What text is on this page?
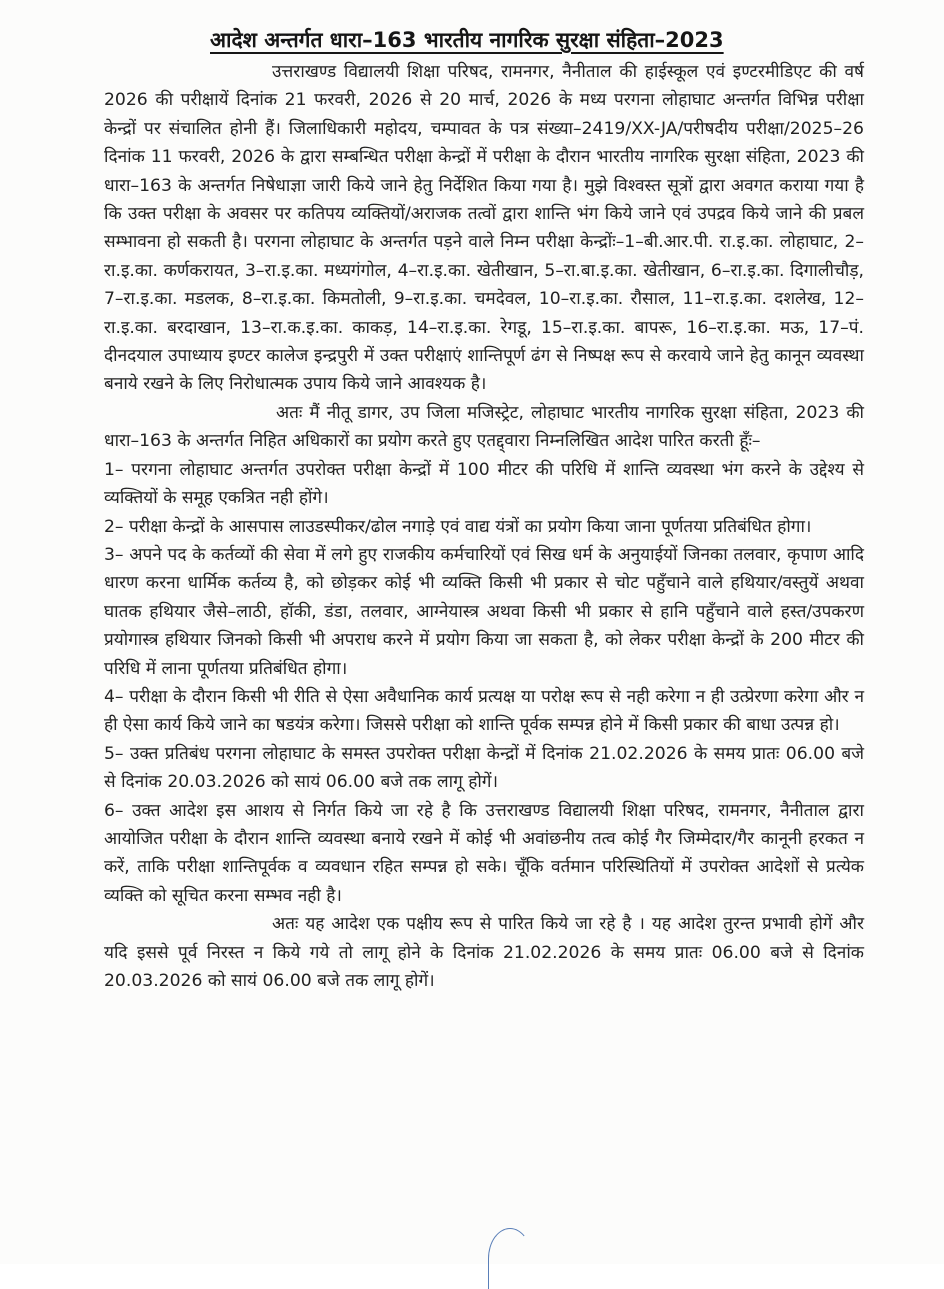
आदेश अन्तर्गत धारा–163 भारतीय नागरिक सुरक्षा संहिता–2023

उत्तराखण्ड विद्यालयी शिक्षा परिषद, रामनगर, नैनीताल की हाईस्कूल एवं इण्टरमीडिएट की वर्ष 2026 की परीक्षायें दिनांक 21 फरवरी, 2026 से 20 मार्च, 2026 के मध्य परगना लोहाघाट अन्तर्गत विभिन्न परीक्षा केन्द्रों पर संचालित होनी हैं। जिलाधिकारी महोदय, चम्पावत के पत्र संख्या–2419/XX-JA/परीषदीय परीक्षा/2025–26 दिनांक 11 फरवरी, 2026 के द्वारा सम्बन्धित परीक्षा केन्द्रों में परीक्षा के दौरान भारतीय नागरिक सुरक्षा संहिता, 2023 की धारा–163 के अन्तर्गत निषेधाज्ञा जारी किये जाने हेतु निर्देशित किया गया है। मुझे विश्वस्त सूत्रों द्वारा अवगत कराया गया है कि उक्त परीक्षा के अवसर पर कतिपय व्यक्तियों/अराजक तत्वों द्वारा शान्ति भंग किये जाने एवं उपद्रव किये जाने की प्रबल सम्भावना हो सकती है। परगना लोहाघाट के अन्तर्गत पड़ने वाले निम्न परीक्षा केन्द्रोंः–1–बी.आर.पी. रा.इ.का. लोहाघाट, 2–रा.इ.का. कर्णकरायत, 3–रा.इ.का. मध्यगंगोल, 4–रा.इ.का. खेतीखान, 5–रा.बा.इ.का. खेतीखान, 6–रा.इ.का. दिगालीचौड़, 7–रा.इ.का. मडलक, 8–रा.इ.का. किमतोली, 9–रा.इ.का. चमदेवल, 10–रा.इ.का. रौसाल, 11–रा.इ.का. दशलेख, 12–रा.इ.का. बरदाखान, 13–रा.क.इ.का. काकड़, 14–रा.इ.का. रेगडू, 15–रा.इ.का. बापरू, 16–रा.इ.का. मऊ, 17–पं. दीनदयाल उपाध्याय इण्टर कालेज इन्द्रपुरी में उक्त परीक्षाएं शान्तिपूर्ण ढंग से निष्पक्ष रूप से करवाये जाने हेतु कानून व्यवस्था बनाये रखने के लिए निरोधात्मक उपाय किये जाने आवश्यक है।

अतः मैं नीतू डागर, उप जिला मजिस्ट्रेट, लोहाघाट भारतीय नागरिक सुरक्षा संहिता, 2023 की धारा–163 के अन्तर्गत निहित अधिकारों का प्रयोग करते हुए एतद्द्वारा निम्नलिखित आदेश पारित करती हूँः–

1– परगना लोहाघाट अन्तर्गत उपरोक्त परीक्षा केन्द्रों में 100 मीटर की परिधि में शान्ति व्यवस्था भंग करने के उद्देश्य से व्यक्तियों के समूह एकत्रित नही होंगे।

2– परीक्षा केन्द्रों के आसपास लाउडस्पीकर/ढोल नगाड़े एवं वाद्य यंत्रों का प्रयोग किया जाना पूर्णतया प्रतिबंधित होगा।

3– अपने पद के कर्तव्यों की सेवा में लगे हुए राजकीय कर्मचारियों एवं सिख धर्म के अनुयाईयों जिनका तलवार, कृपाण आदि धारण करना धार्मिक कर्तव्य है, को छोड़कर कोई भी व्यक्ति किसी भी प्रकार से चोट पहुँचाने वाले हथियार/वस्तुयें अथवा घातक हथियार जैसे–लाठी, हॉकी, डंडा, तलवार, आग्नेयास्त्र अथवा किसी भी प्रकार से हानि पहुँचाने वाले हस्त/उपकरण प्रयोगास्त्र हथियार जिनको किसी भी अपराध करने में प्रयोग किया जा सकता है, को लेकर परीक्षा केन्द्रों के 200 मीटर की परिधि में लाना पूर्णतया प्रतिबंधित होगा।

4– परीक्षा के दौरान किसी भी रीति से ऐसा अवैधानिक कार्य प्रत्यक्ष या परोक्ष रूप से नही करेगा न ही उत्प्रेरणा करेगा और न ही ऐसा कार्य किये जाने का षडयंत्र करेगा। जिससे परीक्षा को शान्ति पूर्वक सम्पन्न होने में किसी प्रकार की बाधा उत्पन्न हो।

5– उक्त प्रतिबंध परगना लोहाघाट के समस्त उपरोक्त परीक्षा केन्द्रों में दिनांक 21.02.2026 के समय प्रातः 06.00 बजे से दिनांक 20.03.2026 को सायं 06.00 बजे तक लागू होगें।

6– उक्त आदेश इस आशय से निर्गत किये जा रहे है कि उत्तराखण्ड विद्यालयी शिक्षा परिषद, रामनगर, नैनीताल द्वारा आयोजित परीक्षा के दौरान शान्ति व्यवस्था बनाये रखने में कोई भी अवांछनीय तत्व कोई गैर जिम्मेदार/गैर कानूनी हरकत न करें, ताकि परीक्षा शान्तिपूर्वक व व्यवधान रहित सम्पन्न हो सके। चूँकि वर्तमान परिस्थितियों में उपरोक्त आदेशों से प्रत्येक व्यक्ति को सूचित करना सम्भव नही है।

अतः यह आदेश एक पक्षीय रूप से पारित किये जा रहे है । यह आदेश तुरन्त प्रभावी होगें और यदि इससे पूर्व निरस्त न किये गये तो लागू होने के दिनांक 21.02.2026 के समय प्रातः 06.00 बजे से दिनांक 20.03.2026 को सायं 06.00 बजे तक लागू होगें।
